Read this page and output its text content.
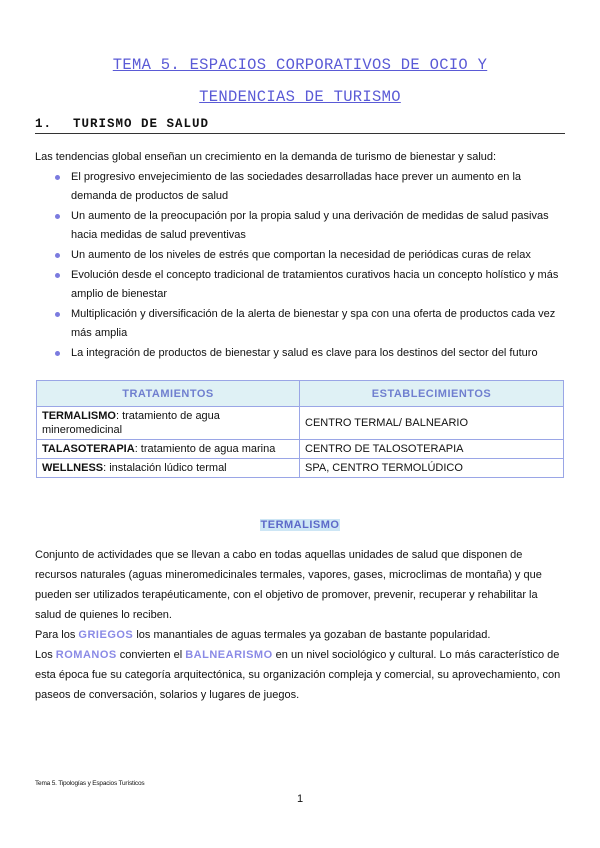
TEMA 5. ESPACIOS CORPORATIVOS DE OCIO Y
TENDENCIAS DE TURISMO
1. TURISMO DE SALUD
Las tendencias global enseñan un crecimiento en la demanda de turismo de bienestar y salud:
El progresivo envejecimiento de las sociedades desarrolladas hace prever un aumento en la demanda de productos de salud
Un aumento de la preocupación por la propia salud y una derivación de medidas de salud pasivas hacia medidas de salud preventivas
Un aumento de los niveles de estrés que comportan la necesidad de periódicas curas de relax
Evolución desde el concepto tradicional de tratamientos curativos hacia un concepto holístico y más amplio de bienestar
Multiplicación y diversificación de la alerta de bienestar y spa con una oferta de productos cada vez más amplia
La integración de productos de bienestar y salud es clave para los destinos del sector del futuro
TRATAMIENTOS	ESTABLECIMIENTOS
TERMALISMO: tratamiento de agua mineromedicinal	CENTRO TERMAL/ BALNEARIO
TALASOTERAPIA: tratamiento de agua marina	CENTRO DE TALOSOTERAPIA
WELLNESS: instalación lúdico termal	SPA, CENTRO TERMOLÚDICO
TERMALISMO

Conjunto de actividades que se llevan a cabo en todas aquellas unidades de salud que disponen de recursos naturales (aguas mineromedicinales termales, vapores, gases, microclimas de montaña) y que pueden ser utilizados terapéuticamente, con el objetivo de promover, prevenir, recuperar y rehabilitar la salud de quienes lo reciben.
Para los GRIEGOS los manantiales de aguas termales ya gozaban de bastante popularidad.
Los ROMANOS convierten el BALNEARISMO en un nivel sociológico y cultural. Lo más característico de esta época fue su categoría arquitectónica, su organización compleja y comercial, su aprovechamiento, con paseos de conversación, solarios y lugares de juegos.

Tema 5. Tipologías y Espacios Turísticos
1
